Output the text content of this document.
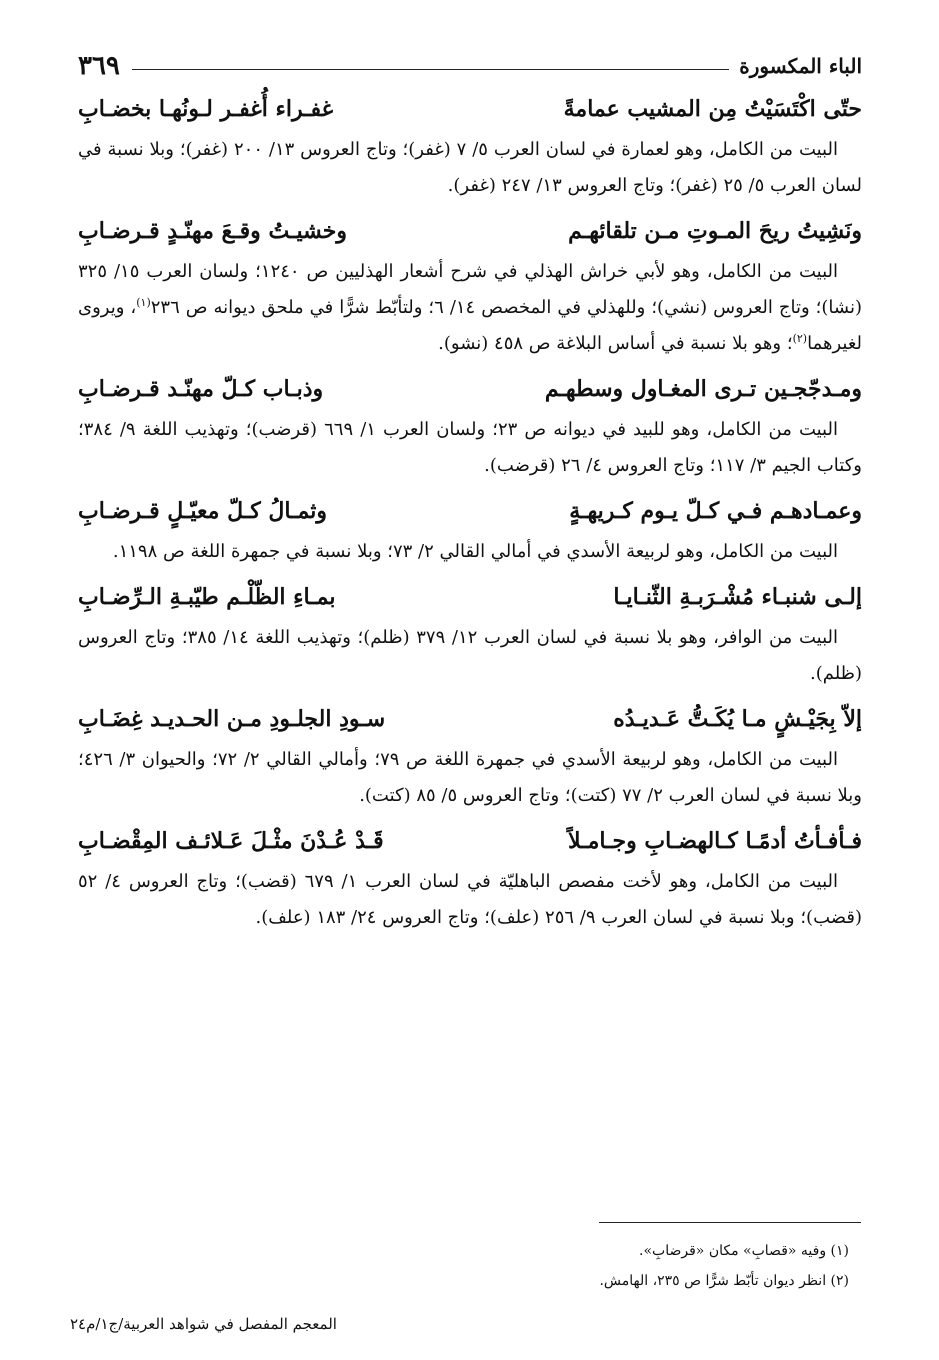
الباء المكسورة
٣٦٩
حتّى اكْتَسَيْتُ مِن المشيب عمامةً
غفـراء أُغفـر لـونُهـا بخضـابِ

البيت من الكامل، وهو لعمارة في لسان العرب ٥/ ٧ (غفر)؛ وتاج العروس ١٣/ ٢٠٠ (غفر)؛ وبلا نسبة في لسان العرب ٥/ ٢٥ (غفر)؛ وتاج العروس ١٣/ ٢٤٧ (غفر).

ونَشِيتُ ريحَ المـوتِ مـن تلقائهـم
وخشيـتُ وقـعَ مهنّـدٍ قـرضـابِ

البيت من الكامل، وهو لأبي خراش الهذلي في شرح أشعار الهذليين ص ١٢٤٠؛ ولسان العرب ١٥/ ٣٢٥ (نشا)؛ وتاج العروس (نشي)؛ وللهذلي في المخصص ١٤/ ٦؛ ولتأبّط شرًّا في ملحق ديوانه ص ٢٣٦$^{(١)}$، ويروى لغيرهما$^{(٢)}$؛ وهو بلا نسبة في أساس البلاغة ص ٤٥٨ (نشو).

ومـدجّجـين تـرى المغـاول وسطهـم
وذبـاب كـلّ مهنّـد قـرضـابِ

البيت من الكامل، وهو للبيد في ديوانه ص ٢٣؛ ولسان العرب ١/ ٦٦٩ (قرضب)؛ وتهذيب اللغة ٩/ ٣٨٤؛ وكتاب الجيم ٣/ ١١٧؛ وتاج العروس ٤/ ٢٦ (قرضب).

وعمـادهـم فـي كـلّ يـوم كـريهـةٍ
وثمـالُ كـلّ معيّـلٍ قـرضـابِ

البيت من الكامل، وهو لربيعة الأسدي في أمالي القالي ٢/ ٧٣؛ وبلا نسبة في جمهرة اللغة ص ١١٩٨.

إلـى شنبـاء مُشْـرَبـةِ الثّنـايـا
بمـاءِ الظّلْـم طيّبـةِ الـرِّضـابِ

البيت من الوافر، وهو بلا نسبة في لسان العرب ١٢/ ٣٧٩ (ظلم)؛ وتهذيب اللغة ١٤/ ٣٨٥؛ وتاج العروس (ظلم).

إلاّ بِجَيْـشٍ مـا يُكَـتُّ عَـديـدُه
سـودِ الجلـودِ مـن الحـديـد غِضَـابِ

البيت من الكامل، وهو لربيعة الأسدي في جمهرة اللغة ص ٧٩؛ وأمالي القالي ٢/ ٧٢؛ والحيوان ٣/ ٤٢٦؛ وبلا نسبة في لسان العرب ٢/ ٧٧ (كتت)؛ وتاج العروس ٥/ ٨٥ (كتت).

فـأفـأتُ أدمًـا كـالهضـابِ وجـامـلاً
قَـدْ عُـدْنَ مثْـلَ عَـلائـف المِقْضـابِ

البيت من الكامل، وهو لأخت مفصص الباهليّة في لسان العرب ١/ ٦٧٩ (قضب)؛ وتاج العروس ٤/ ٥٢ (قضب)؛ وبلا نسبة في لسان العرب ٩/ ٢٥٦ (علف)؛ وتاج العروس ٢٤/ ١٨٣ (علف).

(١) وفيه «قصابِ» مكان «قرضابِ».
(٢) انظر ديوان تأبّط شرًّا ص ٢٣٥، الهامش.
المعجم المفصل في شواهد العربية/ج١/م٢٤
